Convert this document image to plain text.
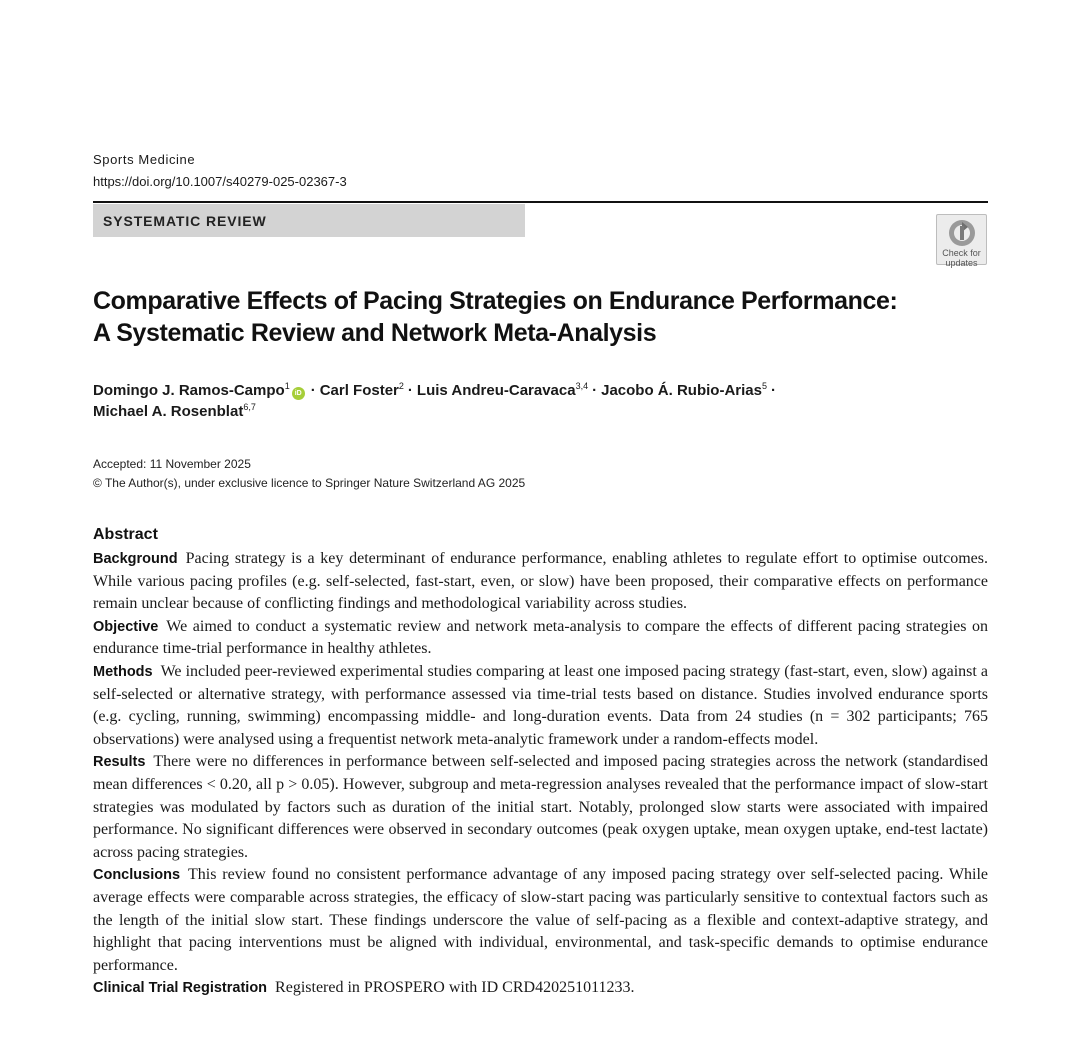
Sports Medicine
https://doi.org/10.1007/s40279-025-02367-3
SYSTEMATIC REVIEW
Check for
updates
Comparative Effects of Pacing Strategies on Endurance Performance:
A Systematic Review and Network Meta-Analysis
Domingo J. Ramos-Campo$^1$iD · Carl Foster$^2$ · Luis Andreu-Caravaca$^{3,4}$ · Jacobo Á. Rubio-Arias$^5$ ·
Michael A. Rosenblat$^{6,7}$
Accepted: 11 November 2025
© The Author(s), under exclusive licence to Springer Nature Switzerland AG 2025
Abstract

Background Pacing strategy is a key determinant of endurance performance, enabling athletes to regulate effort to optimise outcomes. While various pacing profiles (e.g. self-selected, fast-start, even, or slow) have been proposed, their comparative effects on performance remain unclear because of conflicting findings and methodological variability across studies.

Objective We aimed to conduct a systematic review and network meta-analysis to compare the effects of different pacing strategies on endurance time-trial performance in healthy athletes.

Methods We included peer-reviewed experimental studies comparing at least one imposed pacing strategy (fast-start, even, slow) against a self-selected or alternative strategy, with performance assessed via time-trial tests based on distance. Studies involved endurance sports (e.g. cycling, running, swimming) encompassing middle- and long-duration events. Data from 24 studies (n = 302 participants; 765 observations) were analysed using a frequentist network meta-analytic framework under a random-effects model.

Results There were no differences in performance between self-selected and imposed pacing strategies across the network (standardised mean differences < 0.20, all p > 0.05). However, subgroup and meta-regression analyses revealed that the performance impact of slow-start strategies was modulated by factors such as duration of the initial start. Notably, prolonged slow starts were associated with impaired performance. No significant differences were observed in secondary outcomes (peak oxygen uptake, mean oxygen uptake, end-test lactate) across pacing strategies.

Conclusions This review found no consistent performance advantage of any imposed pacing strategy over self-selected pacing. While average effects were comparable across strategies, the efficacy of slow-start pacing was particularly sensitive to contextual factors such as the length of the initial slow start. These findings underscore the value of self-pacing as a flexible and context-adaptive strategy, and highlight that pacing interventions must be aligned with individual, environmental, and task-specific demands to optimise endurance performance.

Clinical Trial Registration Registered in PROSPERO with ID CRD420251011233.
